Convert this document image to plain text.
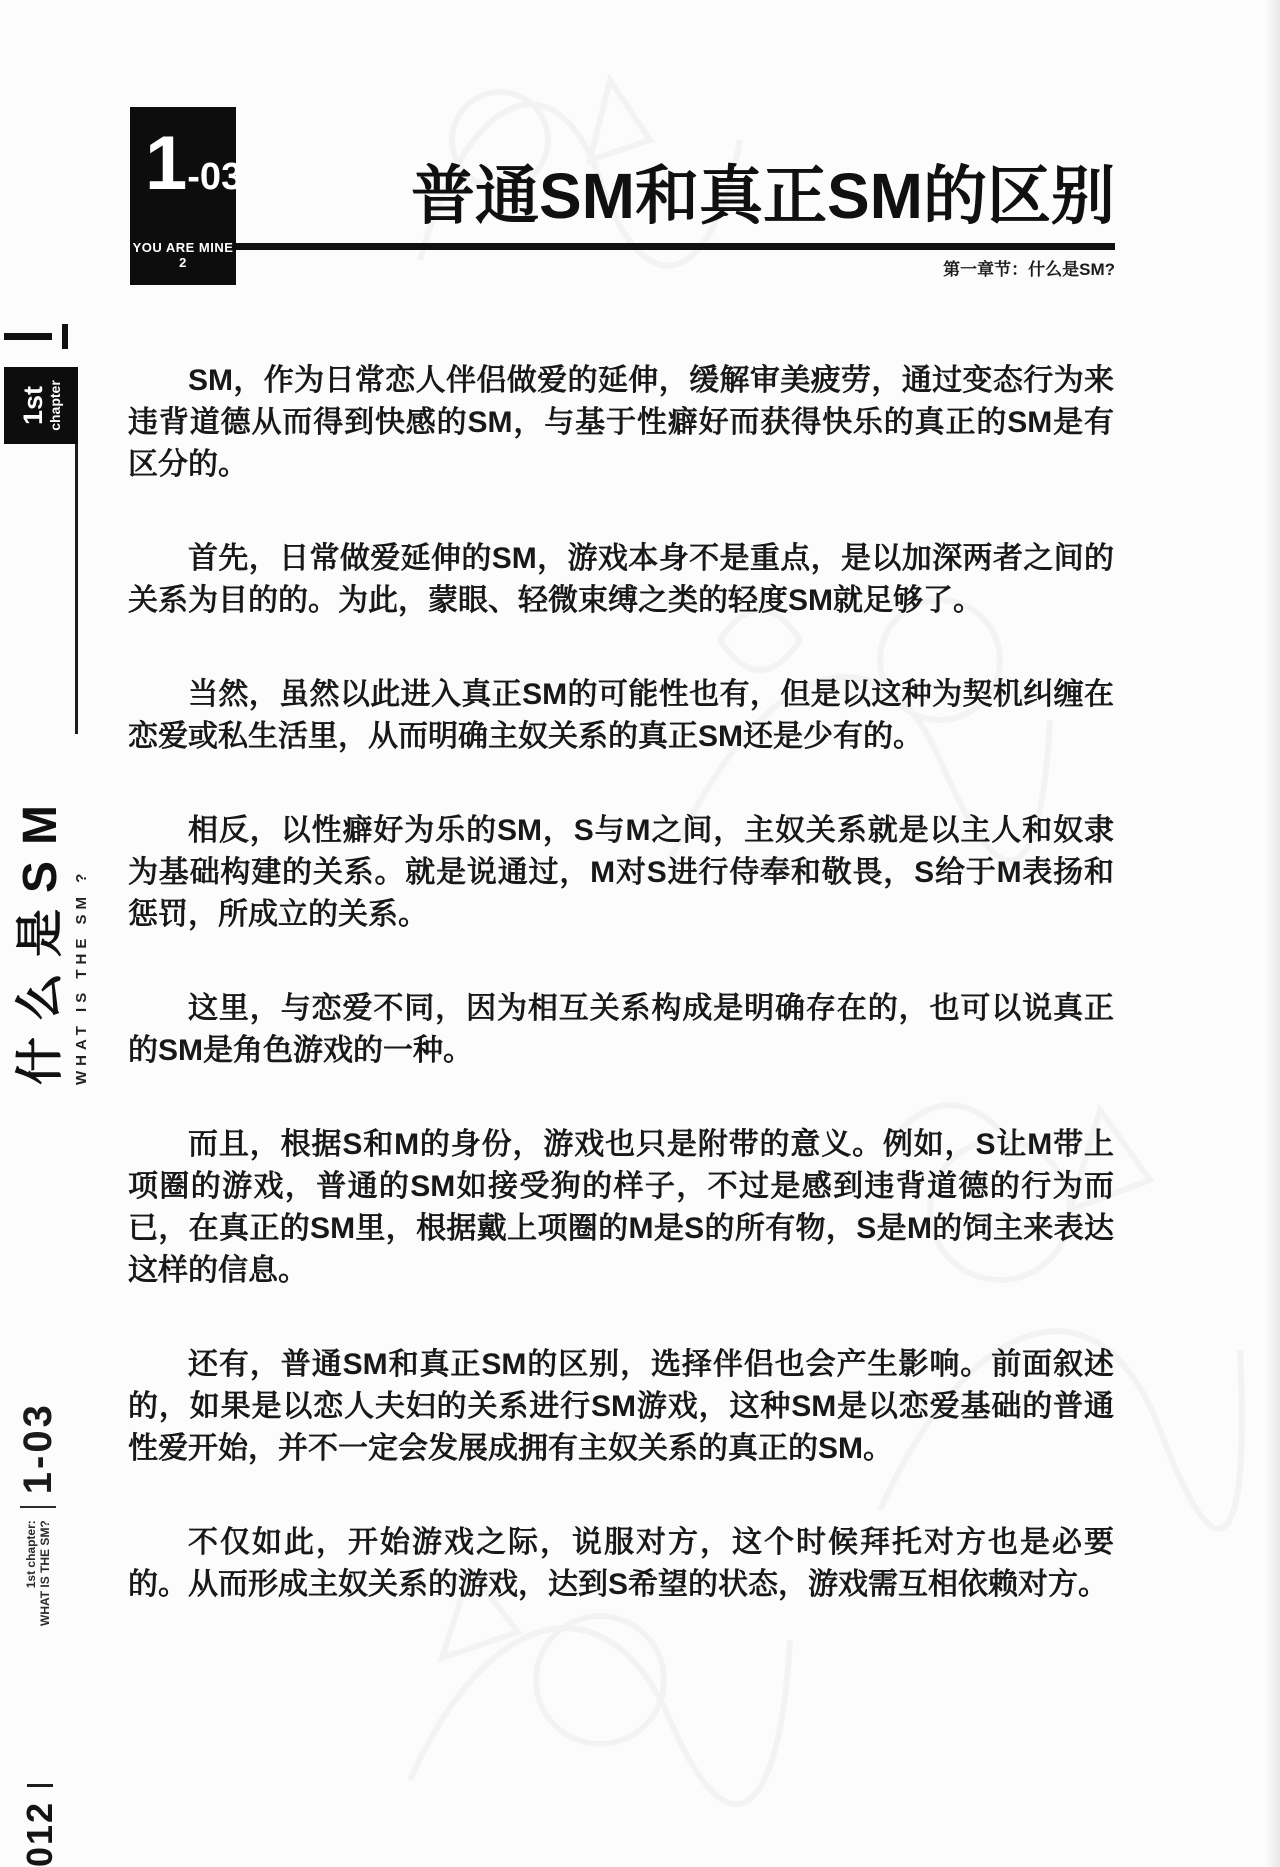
1 -03
YOU ARE MINE 2
普通SM和真正SM的区别
第一章节：什么是SM?
1st chapter
什么是SM WHAT IS THE SM ?
1st chapter: WHAT IS THE SM?
1-03
012

SM，作为日常恋人伴侣做爱的延伸，缓解审美疲劳，通过变态行为来违背道德从而得到快感的SM，与基于性癖好而获得快乐的真正的SM是有区分的。

首先，日常做爱延伸的SM，游戏本身不是重点，是以加深两者之间的关系为目的的。为此，蒙眼、轻微束缚之类的轻度SM就足够了。

当然，虽然以此进入真正SM的可能性也有，但是以这种为契机纠缠在恋爱或私生活里，从而明确主奴关系的真正SM还是少有的。

相反，以性癖好为乐的SM，S与M之间，主奴关系就是以主人和奴隶为基础构建的关系。就是说通过，M对S进行侍奉和敬畏，S给于M表扬和惩罚，所成立的关系。

这里，与恋爱不同，因为相互关系构成是明确存在的，也可以说真正的SM是角色游戏的一种。

而且，根据S和M的身份，游戏也只是附带的意义。例如，S让M带上项圈的游戏，普通的SM如接受狗的样子，不过是感到违背道德的行为而已，在真正的SM里，根据戴上项圈的M是S的所有物，S是M的饲主来表达这样的信息。

还有，普通SM和真正SM的区别，选择伴侣也会产生影响。前面叙述的，如果是以恋人夫妇的关系进行SM游戏，这种SM是以恋爱基础的普通性爱开始，并不一定会发展成拥有主奴关系的真正的SM。

不仅如此，开始游戏之际，说服对方，这个时候拜托对方也是必要的。从而形成主奴关系的游戏，达到S希望的状态，游戏需互相依赖对方。
